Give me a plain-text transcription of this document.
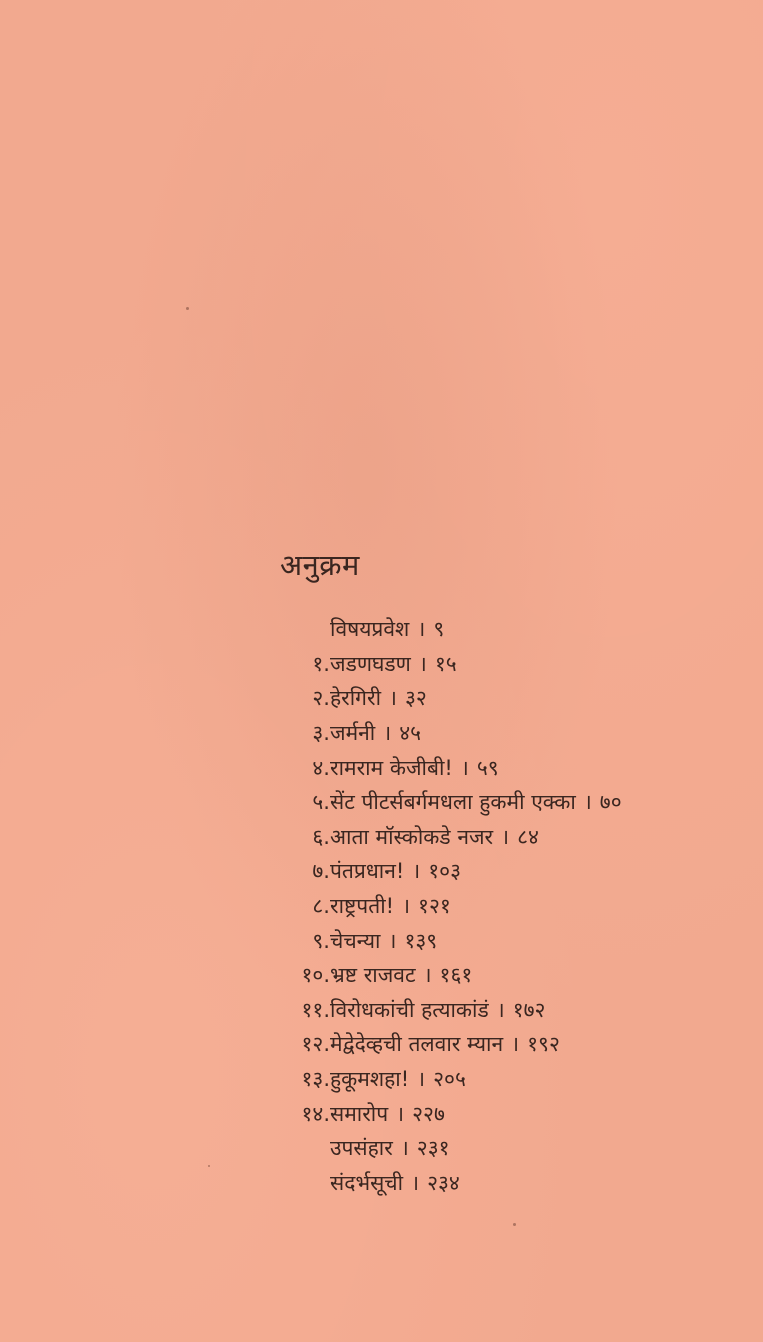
अनुक्रम
विषयप्रवेश । ९
१. जडणघडण । १५
२. हेरगिरी । ३२
३. जर्मनी । ४५
४. रामराम केजीबी! । ५९
५. सेंट पीटर्सबर्गमधला हुकमी एक्का । ७०
६. आता मॉस्कोकडे नजर । ८४
७. पंतप्रधान! । १०३
८. राष्ट्रपती! । १२१
९. चेचन्या । १३९
१०. भ्रष्ट राजवट । १६१
११. विरोधकांची हत्याकांडं । १७२
१२. मेद्वेदेव्हची तलवार म्यान । १९२
१३. हुकूमशहा! । २०५
१४. समारोप । २२७
उपसंहार । २३१
संदर्भसूची । २३४
